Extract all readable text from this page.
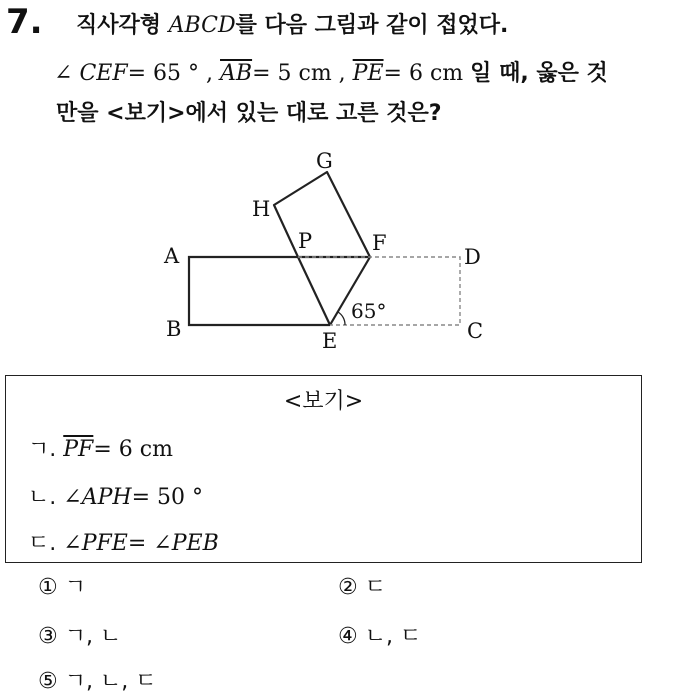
7. 직사각형 ABCD를 다음 그림과 같이 접었다.
∠ CEF= 65 ° , $\overline{AB}= 5$ cm , $\overline{PE}= 6$ cm 일 때, 옳은 것
만을 <보기>에서 있는 대로 고른 것은?
G
H
P	F
A	D
B	E	C
65°
<보기>
ㄱ. $\overline{PF}= 6$ cm
ㄴ. ∠APH= 50 °
ㄷ. ∠PFE= ∠PEB
① ㄱ	② ㄷ
③ ㄱ, ㄴ	④ ㄴ, ㄷ
⑤ ㄱ, ㄴ, ㄷ
